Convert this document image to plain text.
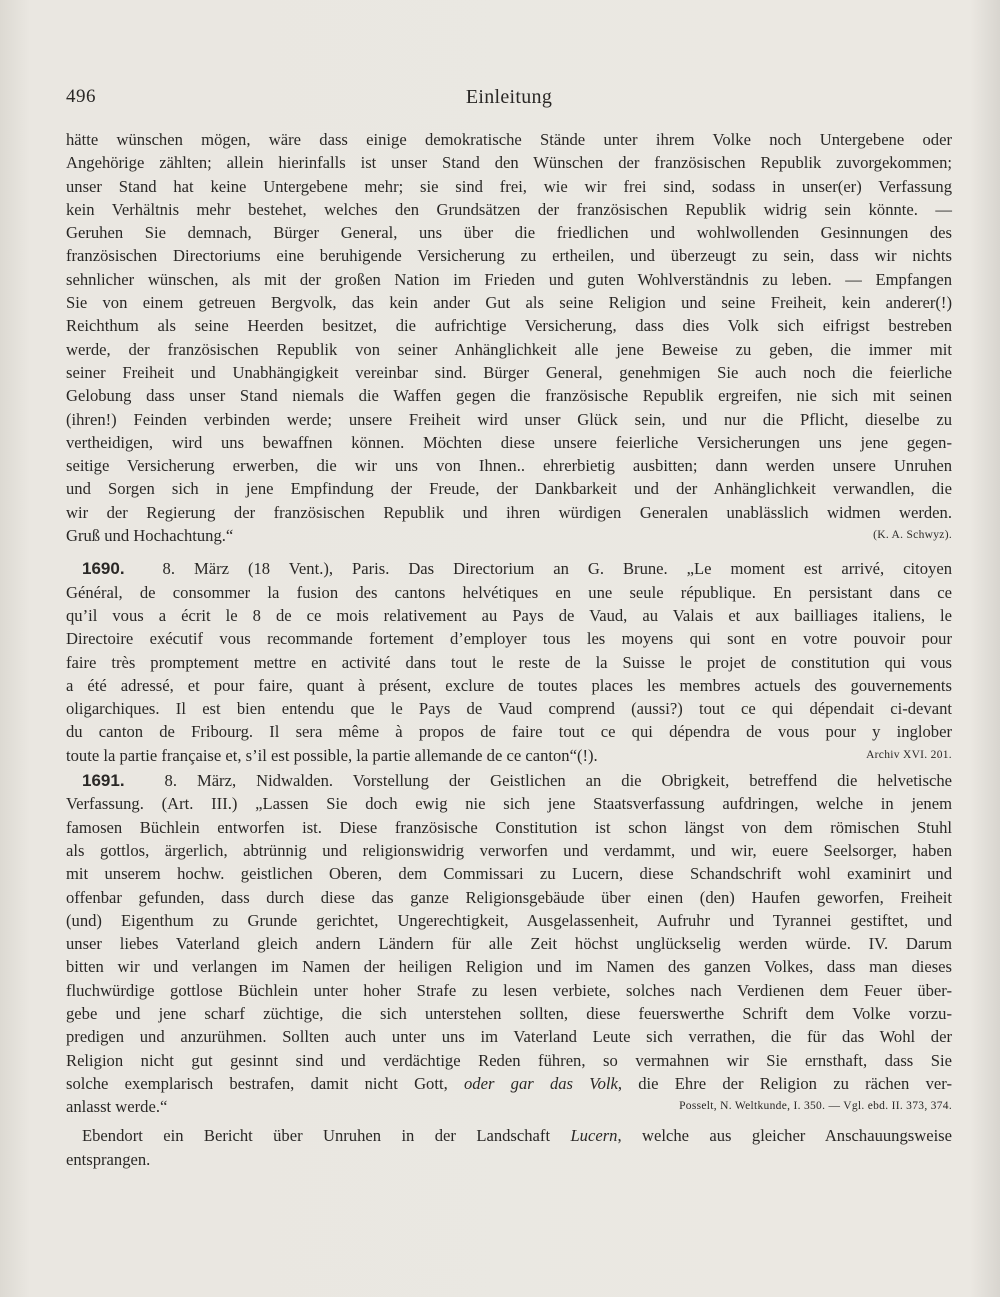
496	Einleitung
hätte wünschen mögen, wäre dass einige demokratische Stände unter ihrem Volke noch Untergebene oder
Angehörige zählten; allein hierinfalls ist unser Stand den Wünschen der französischen Republik zuvorgekommen;
unser Stand hat keine Untergebene mehr; sie sind frei, wie wir frei sind, sodass in unser(er) Verfassung
kein Verhältnis mehr bestehet, welches den Grundsätzen der französischen Republik widrig sein könnte. —
Geruhen Sie demnach, Bürger General, uns über die friedlichen und wohlwollenden Gesinnungen des
französischen Directoriums eine beruhigende Versicherung zu ertheilen, und überzeugt zu sein, dass wir nichts
sehnlicher wünschen, als mit der großen Nation im Frieden und guten Wohlverständnis zu leben. — Empfangen
Sie von einem getreuen Bergvolk, das kein ander Gut als seine Religion und seine Freiheit, kein anderer(!)
Reichthum als seine Heerden besitzet, die aufrichtige Versicherung, dass dies Volk sich eifrigst bestreben
werde, der französischen Republik von seiner Anhänglichkeit alle jene Beweise zu geben, die immer mit
seiner Freiheit und Unabhängigkeit vereinbar sind. Bürger General, genehmigen Sie auch noch die feierliche
Gelobung dass unser Stand niemals die Waffen gegen die französische Republik ergreifen, nie sich mit seinen
(ihren!) Feinden verbinden werde; unsere Freiheit wird unser Glück sein, und nur die Pflicht, dieselbe zu
vertheidigen, wird uns bewaffnen können. Möchten diese unsere feierliche Versicherungen uns jene gegen-
seitige Versicherung erwerben, die wir uns von Ihnen.. ehrerbietig ausbitten; dann werden unsere Unruhen
und Sorgen sich in jene Empfindung der Freude, der Dankbarkeit und der Anhänglichkeit verwandlen, die
wir der Regierung der französischen Republik und ihren würdigen Generalen unablässlich widmen werden.
(K. A. Schwyz).
Gruß und Hochachtung.“
1690. 8. März (18 Vent.), Paris. Das Directorium an G. Brune. „Le moment est arrivé, citoyen
Général, de consommer la fusion des cantons helvétiques en une seule république. En persistant dans ce
qu’il vous a écrit le 8 de ce mois relativement au Pays de Vaud, au Valais et aux bailliages italiens, le
Directoire exécutif vous recommande fortement d’employer tous les moyens qui sont en votre pouvoir pour
faire très promptement mettre en activité dans tout le reste de la Suisse le projet de constitution qui vous
a été adressé, et pour faire, quant à présent, exclure de toutes places les membres actuels des gouvernements
oligarchiques. Il est bien entendu que le Pays de Vaud comprend (aussi?) tout ce qui dépendait ci-devant
du canton de Fribourg. Il sera même à propos de faire tout ce qui dépendra de vous pour y inglober
Archiv XVI. 201.
toute la partie française et, s’il est possible, la partie allemande de ce canton“(!).
1691. 8. März, Nidwalden. Vorstellung der Geistlichen an die Obrigkeit, betreffend die helvetische
Verfassung. (Art. III.) „Lassen Sie doch ewig nie sich jene Staatsverfassung aufdringen, welche in jenem
famosen Büchlein entworfen ist. Diese französische Constitution ist schon längst von dem römischen Stuhl
als gottlos, ärgerlich, abtrünnig und religionswidrig verworfen und verdammt, und wir, euere Seelsorger, haben
mit unserem hochw. geistlichen Oberen, dem Commissari zu Lucern, diese Schandschrift wohl examinirt und
offenbar gefunden, dass durch diese das ganze Religionsgebäude über einen (den) Haufen geworfen, Freiheit
(und) Eigenthum zu Grunde gerichtet, Ungerechtigkeit, Ausgelassenheit, Aufruhr und Tyrannei gestiftet, und
unser liebes Vaterland gleich andern Ländern für alle Zeit höchst unglückselig werden würde. IV. Darum
bitten wir und verlangen im Namen der heiligen Religion und im Namen des ganzen Volkes, dass man dieses
fluchwürdige gottlose Büchlein unter hoher Strafe zu lesen verbiete, solches nach Verdienen dem Feuer über-
gebe und jene scharf züchtige, die sich unterstehen sollten, diese feuerswerthe Schrift dem Volke vorzu-
predigen und anzurühmen. Sollten auch unter uns im Vaterland Leute sich verrathen, die für das Wohl der
Religion nicht gut gesinnt sind und verdächtige Reden führen, so vermahnen wir Sie ernsthaft, dass Sie
solche exemplarisch bestrafen, damit nicht Gott, oder gar das Volk, die Ehre der Religion zu rächen ver-
Posselt, N. Weltkunde, I. 350. — Vgl. ebd. II. 373, 374.
anlasst werde.“
Ebendort ein Bericht über Unruhen in der Landschaft Lucern, welche aus gleicher Anschauungsweise
entsprangen.
